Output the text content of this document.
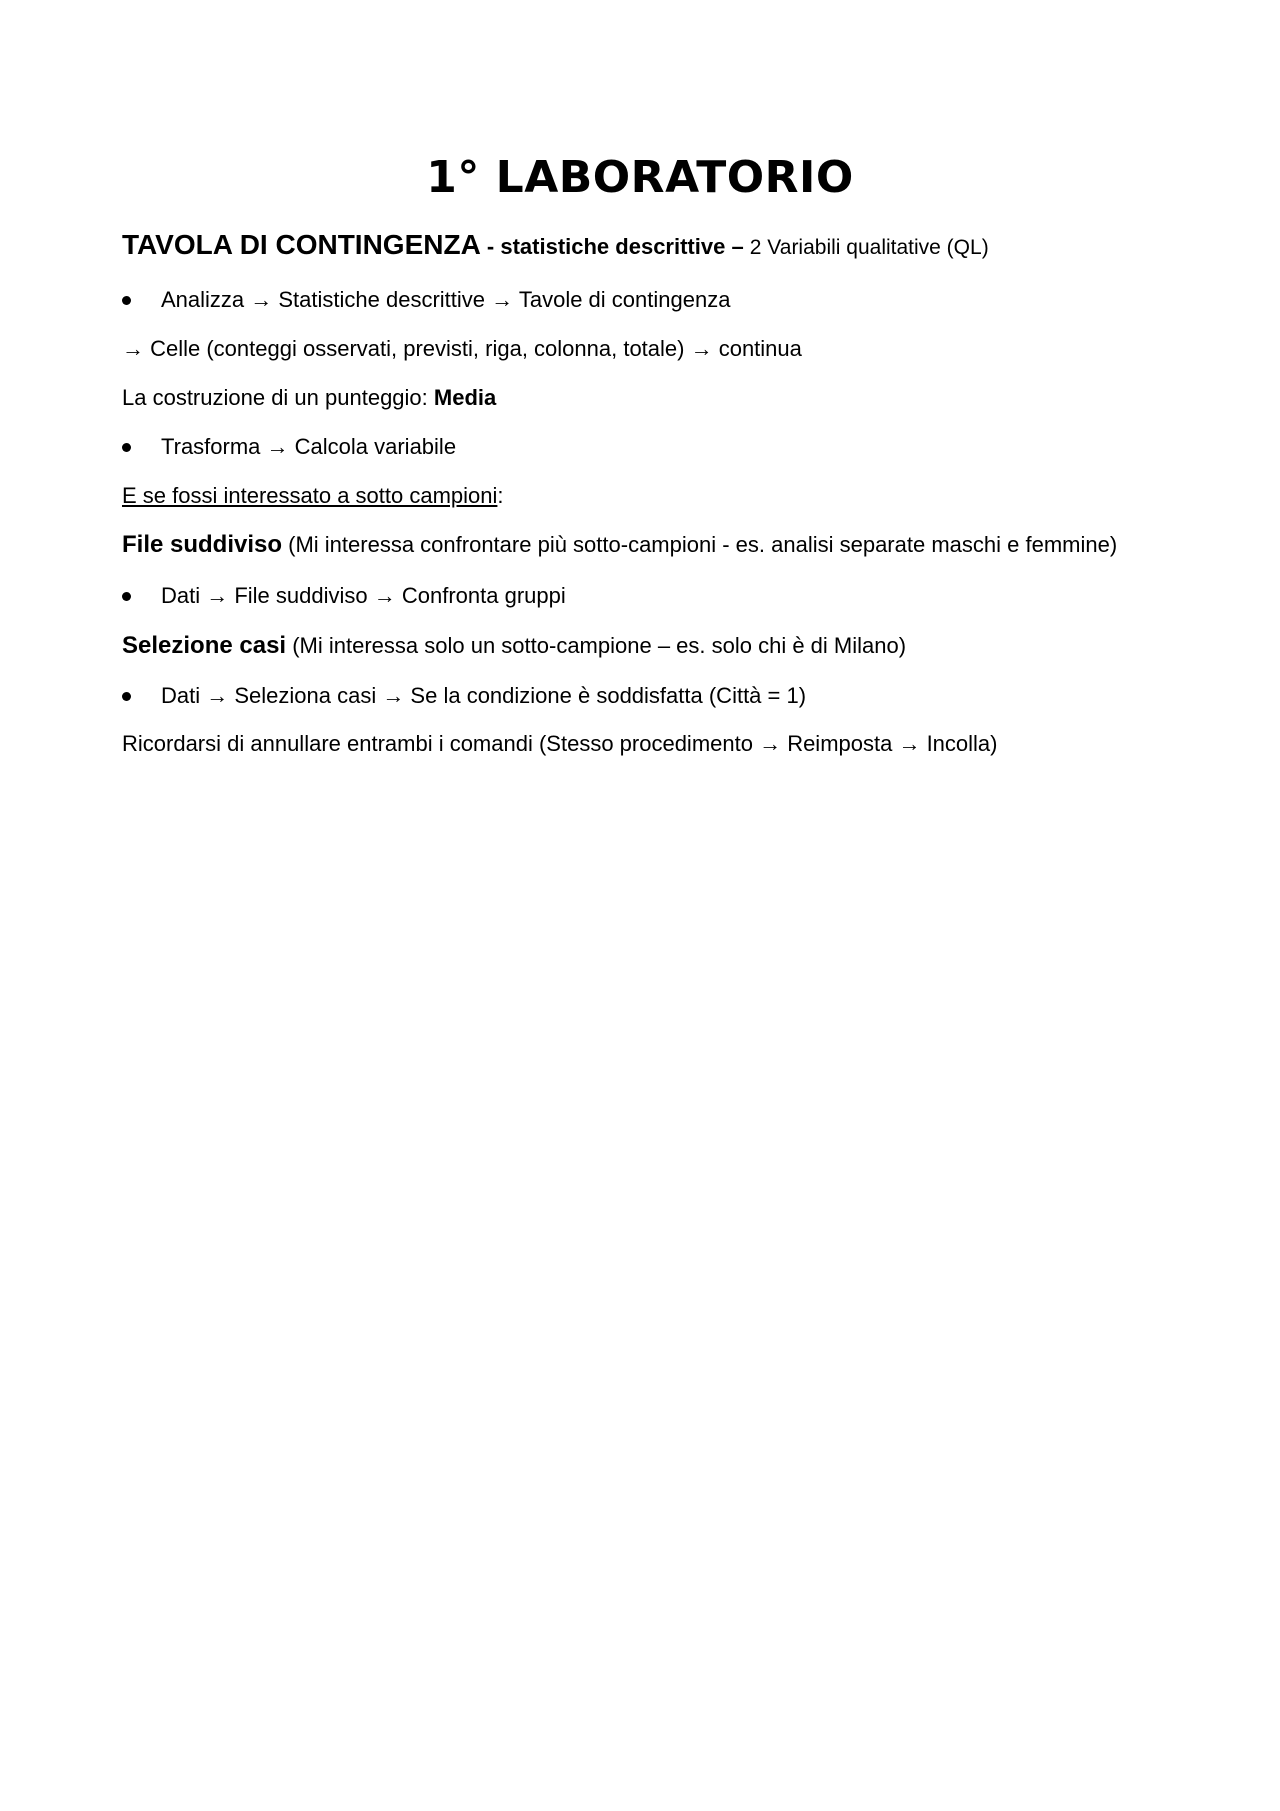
1° LABORATORIO
TAVOLA DI CONTINGENZA - statistiche descrittive – 2 Variabili qualitative (QL)
Analizza → Statistiche descrittive → Tavole di contingenza
→ Celle (conteggi osservati, previsti, riga, colonna, totale) → continua
La costruzione di un punteggio: Media
Trasforma → Calcola variabile
E se fossi interessato a sotto campioni:
File suddiviso (Mi interessa confrontare più sotto-campioni - es. analisi separate maschi e femmine)
Dati → File suddiviso → Confronta gruppi
Selezione casi (Mi interessa solo un sotto-campione – es. solo chi è di Milano)
Dati → Seleziona casi → Se la condizione è soddisfatta (Città = 1)
Ricordarsi di annullare entrambi i comandi (Stesso procedimento → Reimposta → Incolla)
